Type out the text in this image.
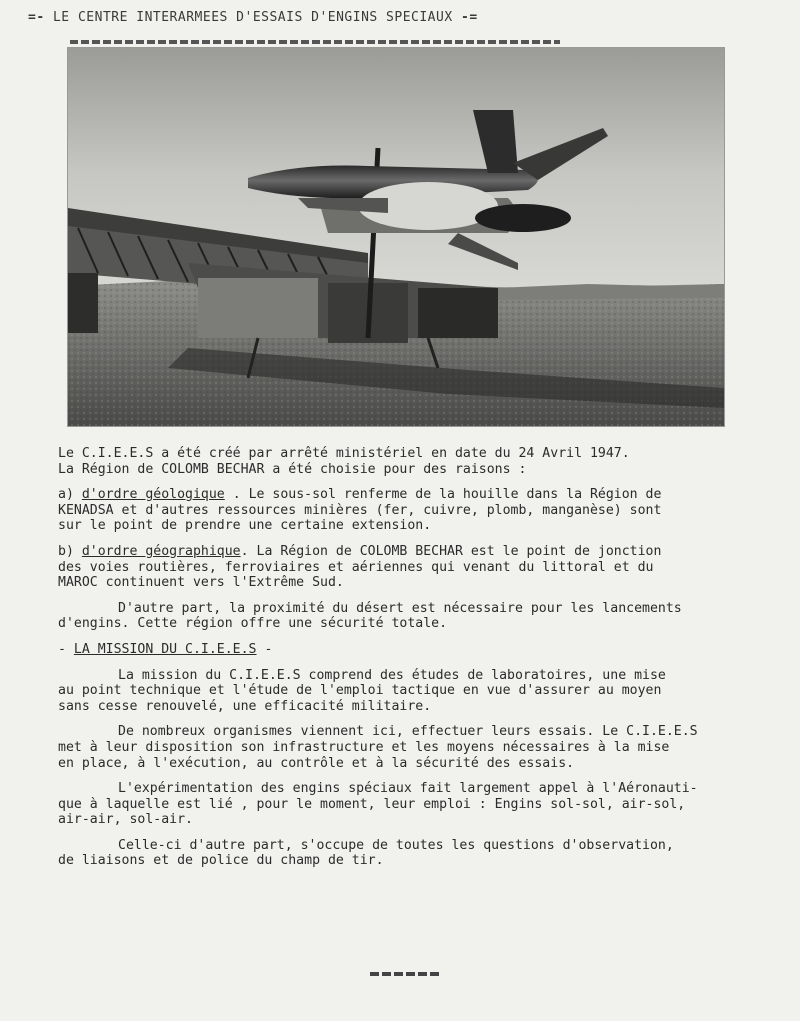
=- LE CENTRE INTERARMEES D'ESSAIS D'ENGINS SPECIAUX -=

Le C.I.E.E.S a été créé par arrêté ministériel en date du 24 Avril 1947.
La Région de COLOMB BECHAR a été choisie pour des raisons :

a) d'ordre géologique . Le sous-sol renferme de la houille dans la Région de
KENADSA et d'autres ressources minières (fer, cuivre, plomb, manganèse) sont
sur le point de prendre une certaine extension.

b) d'ordre géographique. La Région de COLOMB BECHAR est le point de jonction
des voies routières, ferroviaires et aériennes qui venant du littoral et du
MAROC continuent vers l'Extrême Sud.

D'autre part, la proximité du désert est nécessaire pour les lancements
d'engins. Cette région offre une sécurité totale.

- LA MISSION DU C.I.E.E.S -

La mission du C.I.E.E.S comprend des études de laboratoires, une mise
au point technique et l'étude de l'emploi tactique en vue d'assurer au moyen
sans cesse renouvelé, une efficacité militaire.

De nombreux organismes viennent ici, effectuer leurs essais. Le C.I.E.E.S
met à leur disposition son infrastructure et les moyens nécessaires à la mise
en place, à l'exécution, au contrôle et à la sécurité des essais.

L'expérimentation des engins spéciaux fait largement appel à l'Aéronauti-
que à laquelle est lié , pour le moment, leur emploi : Engins sol-sol, air-sol,
air-air, sol-air.

Celle-ci d'autre part, s'occupe de toutes les questions d'observation,
de liaisons et de police du champ de tir.
